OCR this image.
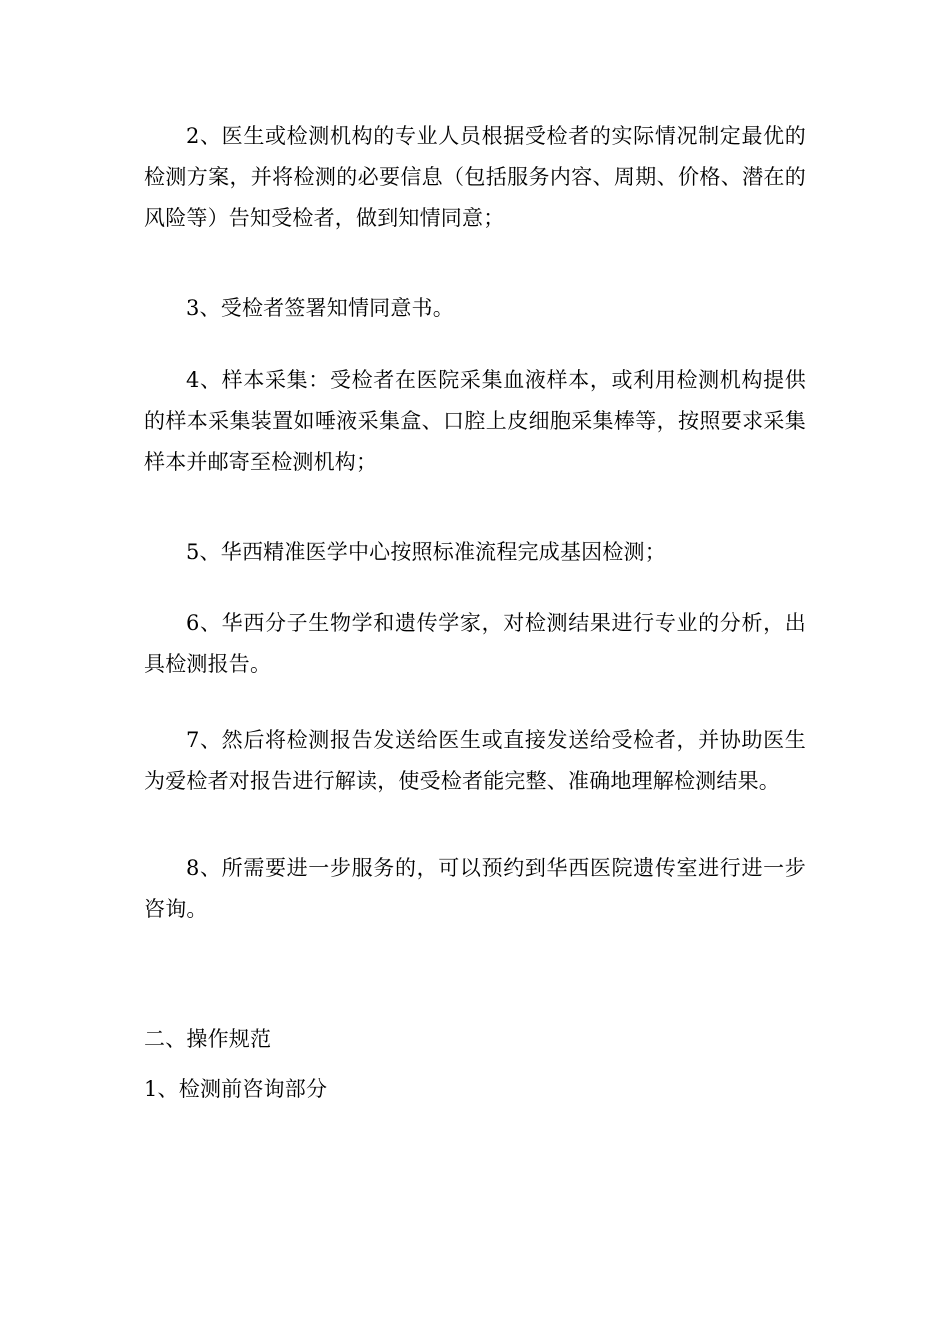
2、医生或检测机构的专业人员根据受检者的实际情况制定最优的检测方案，并将检测的必要信息（包括服务内容、周期、价格、潜在的风险等）告知受检者，做到知情同意；

3、受检者签署知情同意书。

4、样本采集：受检者在医院采集血液样本，或利用检测机构提供的样本采集装置如唾液采集盒、口腔上皮细胞采集棒等，按照要求采集样本并邮寄至检测机构；

5、华西精准医学中心按照标准流程完成基因检测；

6、华西分子生物学和遗传学家，对检测结果进行专业的分析，出具检测报告。

7、然后将检测报告发送给医生或直接发送给受检者，并协助医生为爱检者对报告进行解读，使受检者能完整、准确地理解检测结果。

8、所需要进一步服务的，可以预约到华西医院遗传室进行进一步咨询。

二、操作规范

1、检测前咨询部分
